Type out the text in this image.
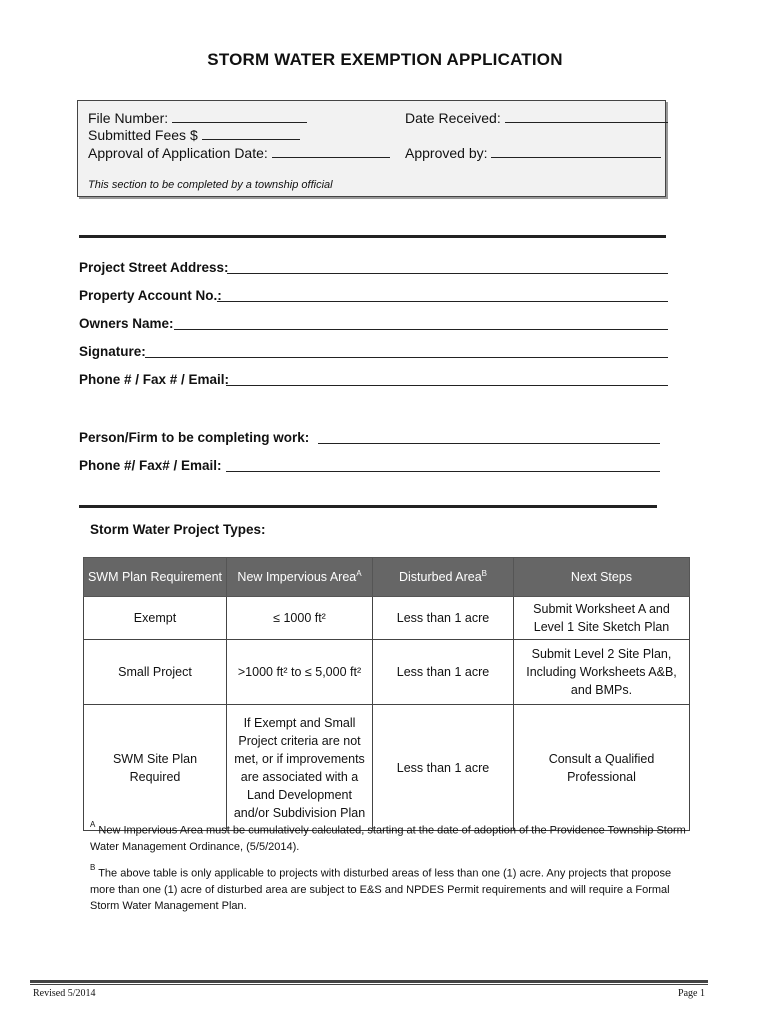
STORM WATER EXEMPTION APPLICATION
File Number:
Submitted Fees $
Approval of Application Date:
Date Received:
Approved by:
This section to be completed by a township official
Project Street Address:
Property Account No.:
Owners Name:
Signature:
Phone # / Fax # / Email:
Person/Firm to be completing work:
Phone #/ Fax# / Email:
Storm Water Project Types:
SWM Plan Requirement	New Impervious Area$^A$	Disturbed Area$^B$	Next Steps
Exempt	≤ 1000 ft²	Less than 1 acre	Submit Worksheet A and Level 1 Site Sketch Plan
Small Project	>1000 ft² to ≤ 5,000 ft²	Less than 1 acre	Submit Level 2 Site Plan, Including Worksheets A&B, and BMPs.
SWM Site Plan Required	If Exempt and Small Project criteria are not met, or if improvements are associated with a Land Development and/or Subdivision Plan	Less than 1 acre	Consult a Qualified Professional
$^A$ New Impervious Area must be cumulatively calculated, starting at the date of adoption of the Providence Township Storm Water Management Ordinance, (5/5/2014).
$^B$ The above table is only applicable to projects with disturbed areas of less than one (1) acre. Any projects that propose more than one (1) acre of disturbed area are subject to E&S and NPDES Permit requirements and will require a Formal Storm Water Management Plan.
Revised 5/2014	Page 1
